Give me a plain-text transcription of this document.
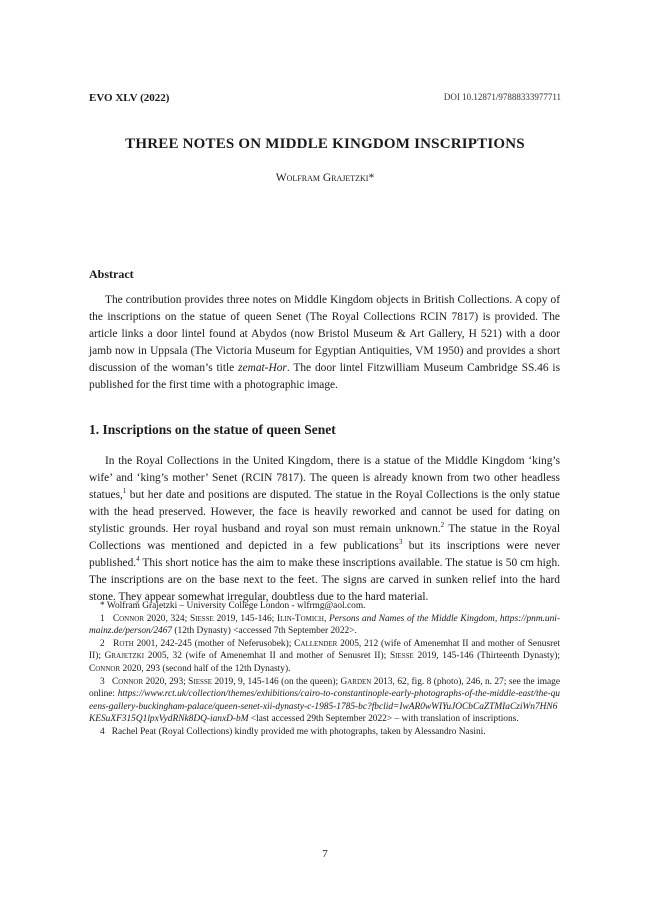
EVO XLV (2022)	DOI 10.12871/97888333977711
THREE NOTES ON MIDDLE KINGDOM INSCRIPTIONS
Wolfram Grajetzki*
Abstract

The contribution provides three notes on Middle Kingdom objects in British Collections. A copy of the inscriptions on the statue of queen Senet (The Royal Collections RCIN 7817) is provided. The article links a door lintel found at Abydos (now Bristol Museum & Art Gallery, H 521) with a door jamb now in Uppsala (The Victoria Museum for Egyptian Antiquities, VM 1950) and provides a short discussion of the woman’s title zemat-Hor. The door lintel Fitzwilliam Museum Cambridge SS.46 is published for the first time with a photographic image.

1. Inscriptions on the statue of queen Senet

In the Royal Collections in the United Kingdom, there is a statue of the Middle Kingdom ‘king’s wife’ and ‘king’s mother’ Senet (RCIN 7817). The queen is already known from two other headless statues,$^1$ but her date and positions are disputed. The statue in the Royal Collections is the only statue with the head preserved. However, the face is heavily reworked and cannot be used for dating on stylistic grounds. Her royal husband and royal son must remain unknown.$^2$ The statue in the Royal Collections was mentioned and depicted in a few publications$^3$ but its inscriptions were never published.$^4$ This short notice has the aim to make these inscriptions available. The statue is 50 cm high. The inscriptions are on the base next to the feet. The signs are carved in sunken relief into the hard stone. They appear somewhat irregular, doubtless due to the hard material.

* Wolfram Grajetzki – University College London - wlfrmg@aol.com.

1 Connor 2020, 324; Siesse 2019, 145-146; Ilin-Tomich, Persons and Names of the Middle Kingdom, https://pnm.uni-mainz.de/person/2467 (12th Dynasty) <accessed 7th September 2022>.

2 Roth 2001, 242-245 (mother of Neferusobek); Callender 2005, 212 (wife of Amenemhat II and mother of Senusret II); Grajetzki 2005, 32 (wife of Amenemhat II and mother of Senusret II); Siesse 2019, 145-146 (Thirteenth Dynasty); Connor 2020, 293 (second half of the 12th Dynasty).

3 Connor 2020, 293; Siesse 2019, 9, 145-146 (on the queen); Garden 2013, 62, fig. 8 (photo), 246, n. 27; see the image online: https://www.rct.uk/collection/themes/exhibitions/cairo-to-constantinople-early-photographs-of-the-middle-east/the-queens-gallery-buckingham-palace/queen-senet-xii-dynasty-c-1985-1785-bc?fbclid=IwAR0wWIYuJOCbCaZTMIaCziWn7HN6KESuXF315Q1lpxVydRNk8DQ-ianxD-bM <last accessed 29th September 2022> – with translation of inscriptions.

4 Rachel Peat (Royal Collections) kindly provided me with photographs, taken by Alessandro Nasini.

7
